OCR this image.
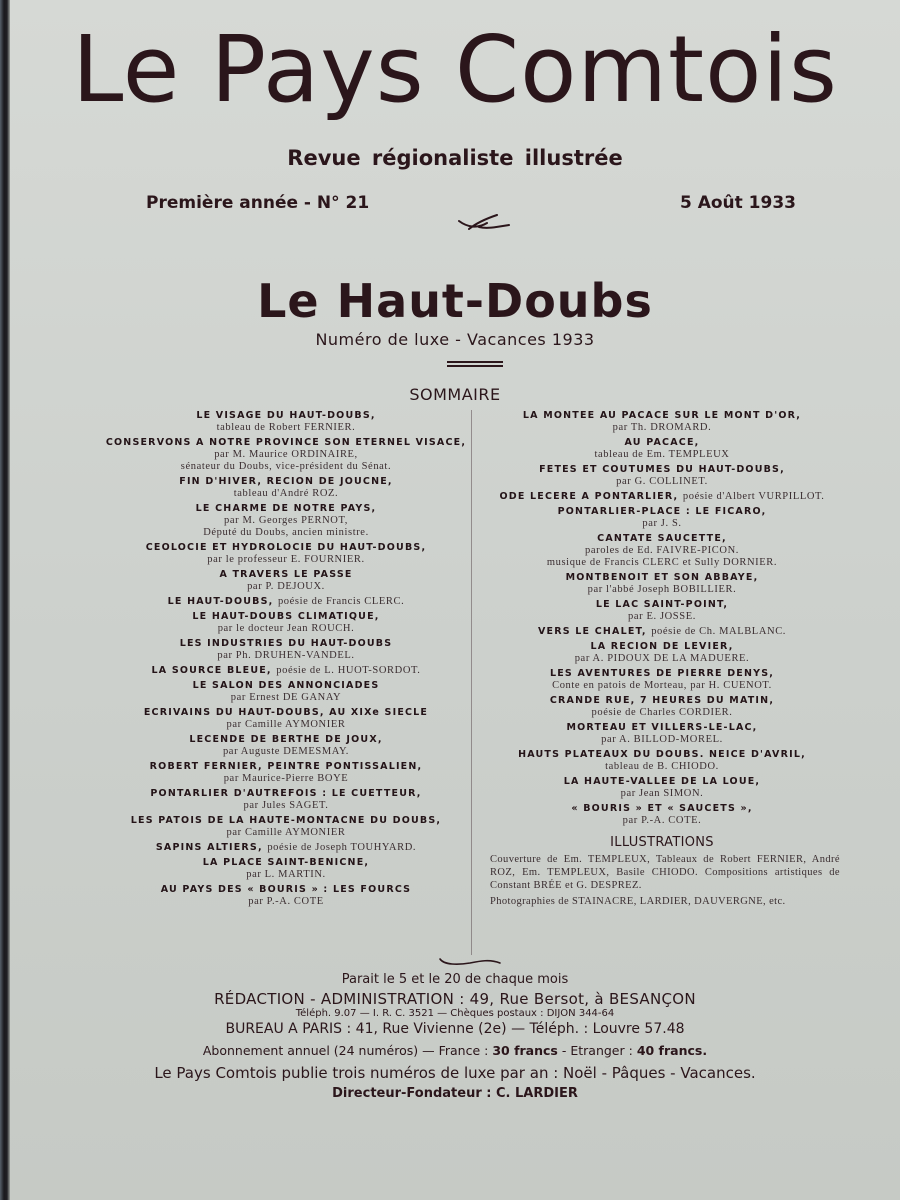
Le Pays Comtois
Revue régionaliste illustrée
Première année - N° 21	5 Août 1933
Le Haut-Doubs
Numéro de luxe - Vacances 1933
SOMMAIRE
LE VISAGE DU HAUT-DOUBS,
tableau de Robert FERNIER.
CONSERVONS A NOTRE PROVINCE SON ETERNEL VISACE,
par M. Maurice ORDINAIRE,
sénateur du Doubs, vice-président du Sénat.
FIN D'HIVER, RECION DE JOUCNE,
tableau d'André ROZ.
LE CHARME DE NOTRE PAYS,
par M. Georges PERNOT,
Député du Doubs, ancien ministre.
CEOLOCIE ET HYDROLOCIE DU HAUT-DOUBS,
par le professeur E. FOURNIER.
A TRAVERS LE PASSE
par P. DEJOUX.
LE HAUT-DOUBS, poésie de Francis CLERC.
LE HAUT-DOUBS CLIMATIQUE,
par le docteur Jean ROUCH.
LES INDUSTRIES DU HAUT-DOUBS
par Ph. DRUHEN-VANDEL.
LA SOURCE BLEUE, poésie de L. HUOT-SORDOT.
LE SALON DES ANNONCIADES
par Ernest DE GANAY
ECRIVAINS DU HAUT-DOUBS, AU XIXe SIECLE
par Camille AYMONIER
LECENDE DE BERTHE DE JOUX,
par Auguste DEMESMAY.
ROBERT FERNIER, PEINTRE PONTISSALIEN,
par Maurice-Pierre BOYE
PONTARLIER D'AUTREFOIS : LE CUETTEUR,
par Jules SAGET.
LES PATOIS DE LA HAUTE-MONTACNE DU DOUBS,
par Camille AYMONIER
SAPINS ALTIERS, poésie de Joseph TOUHYARD.
LA PLACE SAINT-BENICNE,
par L. MARTIN.
AU PAYS DES « BOURIS » : LES FOURCS
par P.-A. COTE
LA MONTEE AU PACACE SUR LE MONT D'OR,
par Th. DROMARD.
AU PACACE,
tableau de Em. TEMPLEUX
FETES ET COUTUMES DU HAUT-DOUBS,
par G. COLLINET.
ODE LECERE A PONTARLIER, poésie d'Albert VURPILLOT.
PONTARLIER-PLACE : LE FICARO,
par J. S.
CANTATE SAUCETTE,
paroles de Ed. FAIVRE-PICON.
musique de Francis CLERC et Sully DORNIER.
MONTBENOIT ET SON ABBAYE,
par l'abbé Joseph BOBILLIER.
LE LAC SAINT-POINT,
par E. JOSSE.
VERS LE CHALET, poésie de Ch. MALBLANC.
LA RECION DE LEVIER,
par A. PIDOUX DE LA MADUERE.
LES AVENTURES DE PIERRE DENYS,
Conte en patois de Morteau, par H. CUENOT.
CRANDE RUE, 7 HEURES DU MATIN,
poésie de Charles CORDIER.
MORTEAU ET VILLERS-LE-LAC,
par A. BILLOD-MOREL.
HAUTS PLATEAUX DU DOUBS. NEICE D'AVRIL,
tableau de B. CHIODO.
LA HAUTE-VALLEE DE LA LOUE,
par Jean SIMON.
« BOURIS » ET « SAUCETS »,
par P.-A. COTE.
ILLUSTRATIONS

Couverture de Em. TEMPLEUX, Tableaux de Robert FERNIER, André ROZ, Em. TEMPLEUX, Basile CHIODO. Compositions artistiques de Constant BRÉE et G. DESPREZ.

Photographies de STAINACRE, LARDIER, DAUVERGNE, etc.

Parait le 5 et le 20 de chaque mois
RÉDACTION - ADMINISTRATION : 49, Rue Bersot, à BESANÇON
Téléph. 9.07 — I. R. C. 3521 — Chèques postaux : DIJON 344-64
BUREAU A PARIS : 41, Rue Vivienne (2e) — Téléph. : Louvre 57.48
Abonnement annuel (24 numéros) — France : 30 francs - Etranger : 40 francs.
Le Pays Comtois publie trois numéros de luxe par an : Noël - Pâques - Vacances.
Directeur-Fondateur : C. LARDIER
